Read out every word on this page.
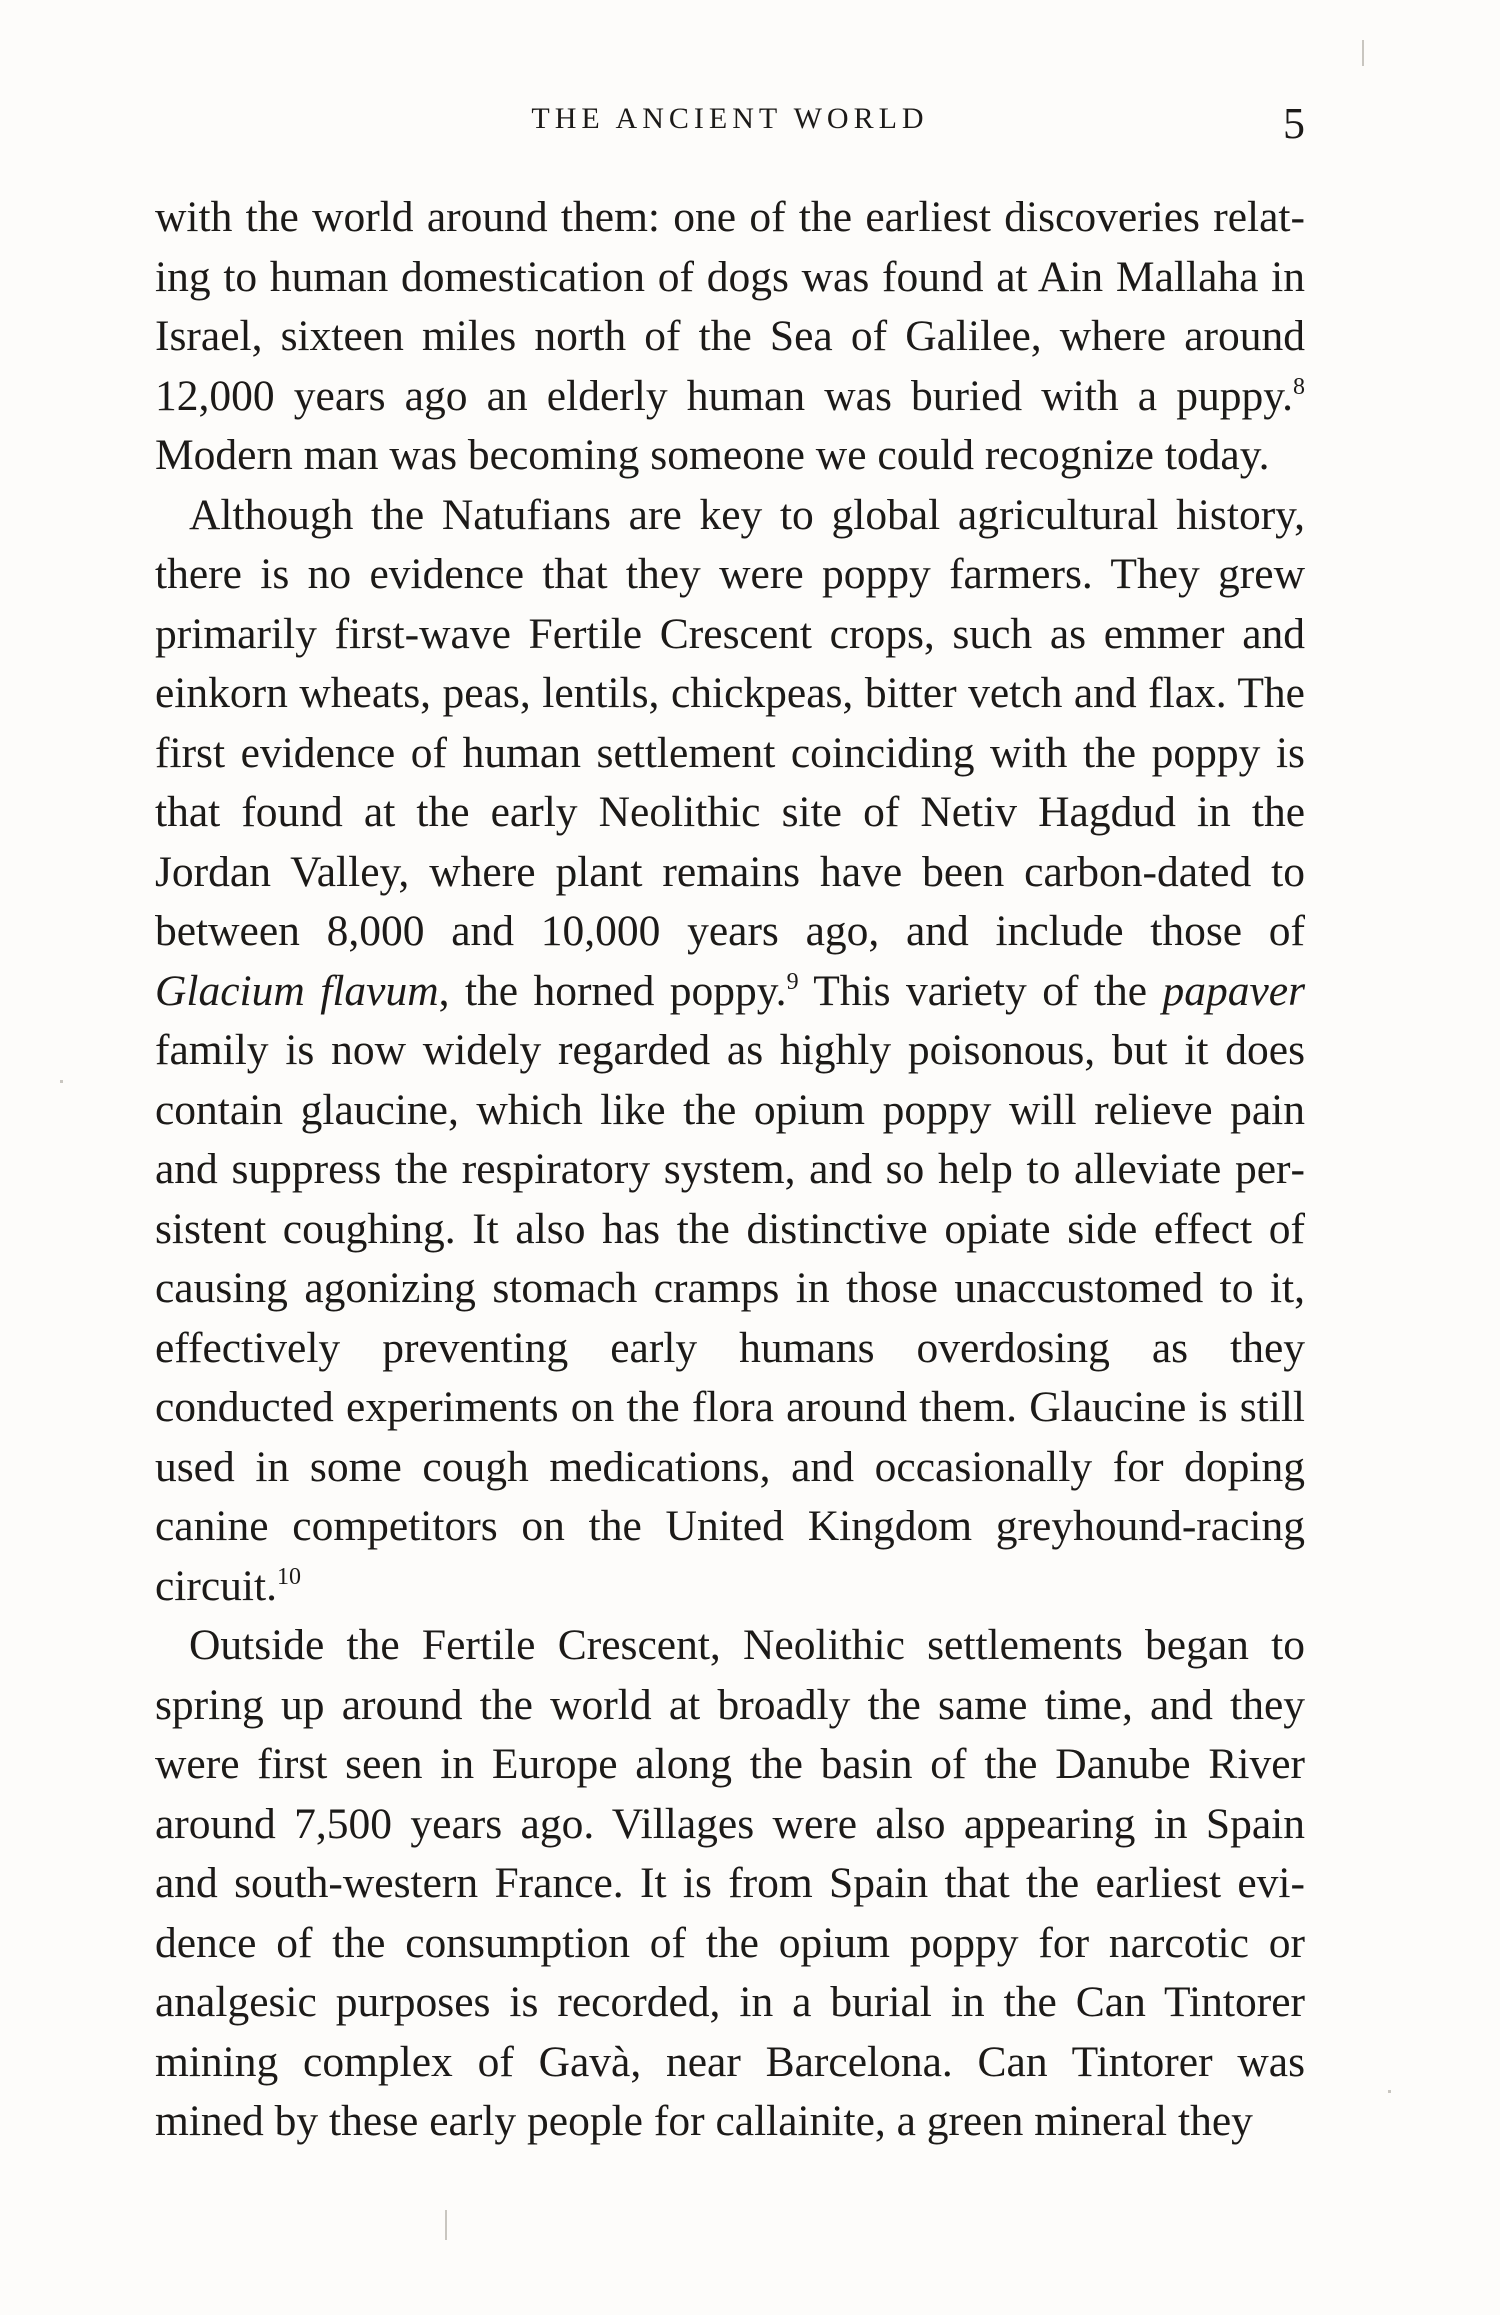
THE ANCIENT WORLD	5

with the world around them: one of the earliest discoveries relating to human domestication of dogs was found at Ain Mallaha in Israel, sixteen miles north of the Sea of Galilee, where around 12,000 years ago an elderly human was buried with a puppy.$^8$ Modern man was becoming someone we could recognize today.

Although the Natufians are key to global agricultural history, there is no evidence that they were poppy farmers. They grew primarily first-wave Fertile Crescent crops, such as emmer and einkorn wheats, peas, lentils, chickpeas, bitter vetch and flax. The first evidence of human settlement coinciding with the poppy is that found at the early Neolithic site of Netiv Hagdud in the Jordan Valley, where plant remains have been carbon-dated to between 8,000 and 10,000 years ago, and include those of Glacium flavum, the horned poppy.$^9$ This variety of the papaver family is now widely regarded as highly poisonous, but it does contain glaucine, which like the opium poppy will relieve pain and suppress the respiratory system, and so help to alleviate persistent coughing. It also has the distinctive opiate side effect of causing agonizing stomach cramps in those unaccustomed to it, effectively preventing early humans overdosing as they conducted experiments on the flora around them. Glaucine is still used in some cough medications, and occasionally for doping canine competitors on the United Kingdom greyhound-racing circuit.$^{10}$

Outside the Fertile Crescent, Neolithic settlements began to spring up around the world at broadly the same time, and they were first seen in Europe along the basin of the Danube River around 7,500 years ago. Villages were also appearing in Spain and south-western France. It is from Spain that the earliest evidence of the consumption of the opium poppy for narcotic or analgesic purposes is recorded, in a burial in the Can Tintorer mining complex of Gavà, near Barcelona. Can Tintorer was mined by these early people for callainite, a green mineral they
